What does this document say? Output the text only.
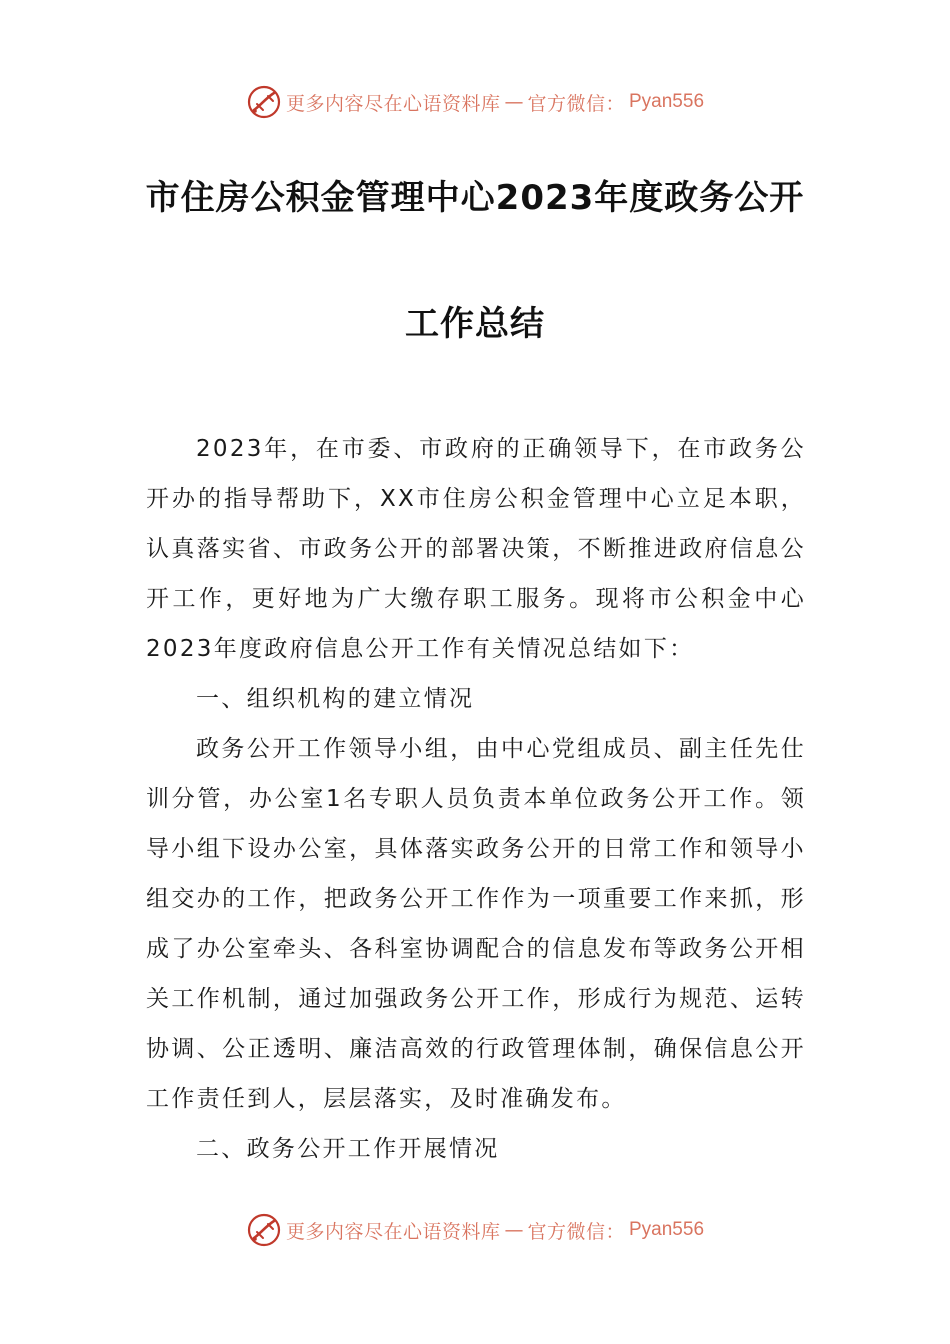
更多内容尽在心语资料库 — 官方微信： Pyan556
市住房公积金管理中心2023年度政务公开
工作总结

2023年，在市委、市政府的正确领导下，在市政务公开办的指导帮助下，XX市住房公积金管理中心立足本职，认真落实省、市政务公开的部署决策，不断推进政府信息公开工作，更好地为广大缴存职工服务。现将市公积金中心2023年度政府信息公开工作有关情况总结如下：

一、组织机构的建立情况

政务公开工作领导小组，由中心党组成员、副主任先仕训分管，办公室1名专职人员负责本单位政务公开工作。领导小组下设办公室，具体落实政务公开的日常工作和领导小组交办的工作，把政务公开工作作为一项重要工作来抓，形成了办公室牵头、各科室协调配合的信息发布等政务公开相关工作机制，通过加强政务公开工作，形成行为规范、运转协调、公正透明、廉洁高效的行政管理体制，确保信息公开工作责任到人，层层落实，及时准确发布。

二、政务公开工作开展情况

更多内容尽在心语资料库 — 官方微信： Pyan556
